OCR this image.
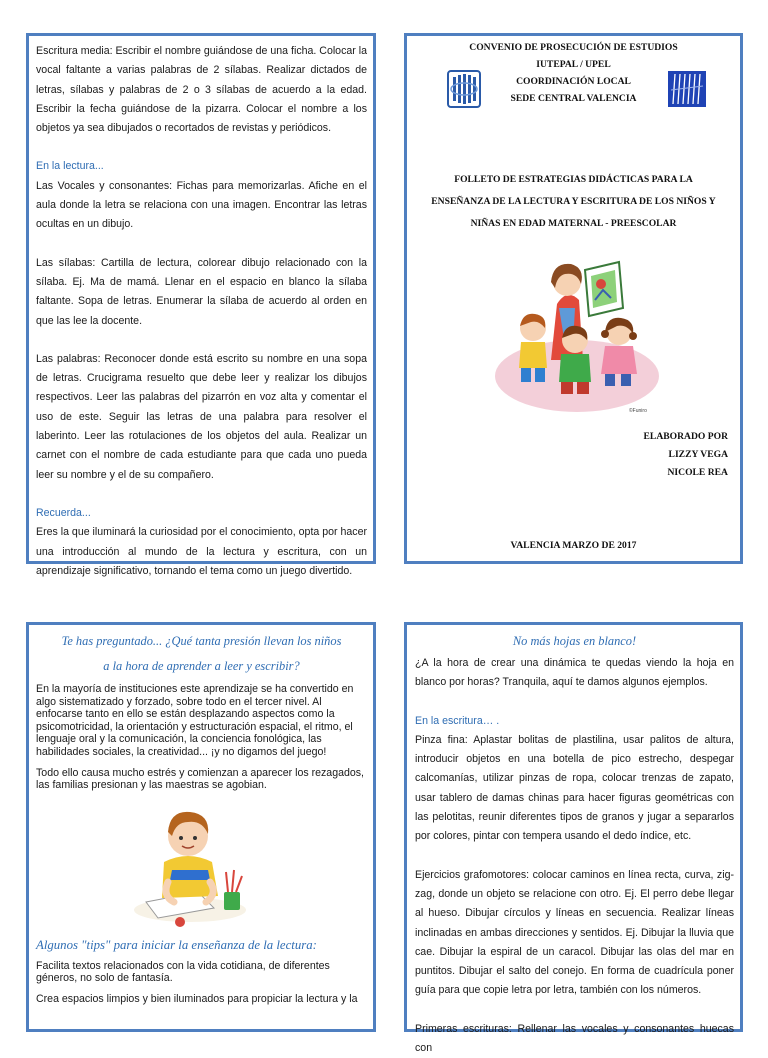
Escritura media: Escribir el nombre guiándose de una ficha. Colocar la vocal faltante a varias palabras de 2 sílabas. Realizar dictados de letras, sílabas y palabras de 2 o 3 sílabas de acuerdo a la edad. Escribir la fecha guiándose de la pizarra. Colocar el nombre a los objetos ya sea dibujados o recortados de revistas y periódicos.

En la lectura...

Las Vocales y consonantes: Fichas para memorizarlas. Afiche en el aula donde la letra se relaciona con una imagen. Encontrar las letras ocultas en un dibujo.

Las sílabas: Cartilla de lectura, colorear dibujo relacionado con la sílaba. Ej. Ma de mamá. Llenar en el espacio en blanco la sílaba faltante. Sopa de letras. Enumerar la sílaba de acuerdo al orden en que las lee la docente.

Las palabras: Reconocer donde está escrito su nombre en una sopa de letras. Crucigrama resuelto que debe leer y realizar los dibujos respectivos. Leer las palabras del pizarrón en voz alta y comentar el uso de este. Seguir las letras de una palabra para resolver el laberinto. Leer las rotulaciones de los objetos del aula. Realizar un carnet con el nombre de cada estudiante para que cada uno pueda leer su nombre y el de su compañero.

Recuerda...

Eres la que iluminará la curiosidad por el conocimiento, opta por hacer una introducción al mundo de la lectura y escritura, con un aprendizaje significativo, tornando el tema como un juego divertido.

CONVENIO DE PROSECUCIÓN DE ESTUDIOS
IUTEPAL / UPEL
COORDINACIÓN LOCAL
SEDE CENTRAL VALENCIA
FOLLETO DE ESTRATEGIAS DIDÁCTICAS PARA LA ENSEÑANZA DE LA LECTURA Y ESCRITURA DE LOS NIÑOS Y NIÑAS EN EDAD MATERNAL - PREESCOLAR
©Funiro
ELABORADO POR
LIZZY VEGA
NICOLE REA
VALENCIA MARZO DE 2017

Te has preguntado... ¿Qué tanta presión llevan los niños

a la hora de aprender a leer y escribir?

En la mayoría de instituciones este aprendizaje se ha convertido en algo sistematizado y forzado, sobre todo en el tercer nivel. Al enfocarse tanto en ello se están desplazando aspectos como la psicomotricidad, la orientación y estructuración espacial, el ritmo, el lenguaje oral y la comunicación, la conciencia fonológica, las habilidades sociales, la creatividad... ¡y no digamos del juego!

Todo ello causa mucho estrés y comienzan a aparecer los rezagados, las familias presionan y las maestras se agobian.

Algunos "tips" para iniciar la enseñanza de la lectura:

Facilita textos relacionados con la vida cotidiana, de diferentes géneros, no solo de fantasía.

Crea espacios limpios y bien iluminados para propiciar la lectura y la

No más hojas en blanco!

¿A la hora de crear una dinámica te quedas viendo la hoja en blanco por horas? Tranquila, aquí te damos algunos ejemplos.

En la escritura… .

Pinza fina: Aplastar bolitas de plastilina, usar palitos de altura, introducir objetos en una botella de pico estrecho, despegar calcomanías, utilizar pinzas de ropa, colocar trenzas de zapato, usar tablero de damas chinas para hacer figuras geométricas con las pelotitas, reunir diferentes tipos de granos y jugar a separarlos por colores, pintar con tempera usando el dedo índice, etc.

Ejercicios grafomotores: colocar caminos en línea recta, curva, zig-zag, donde un objeto se relacione con otro. Ej. El perro debe llegar al hueso. Dibujar círculos y líneas en secuencia. Realizar líneas inclinadas en ambas direcciones y sentidos. Ej. Dibujar la lluvia que cae. Dibujar la espiral de un caracol. Dibujar las olas del mar en puntitos. Dibujar el salto del conejo. En forma de cuadrícula poner guía para que copie letra por letra, también con los números.

Primeras escrituras: Rellenar las vocales y consonantes huecas con
